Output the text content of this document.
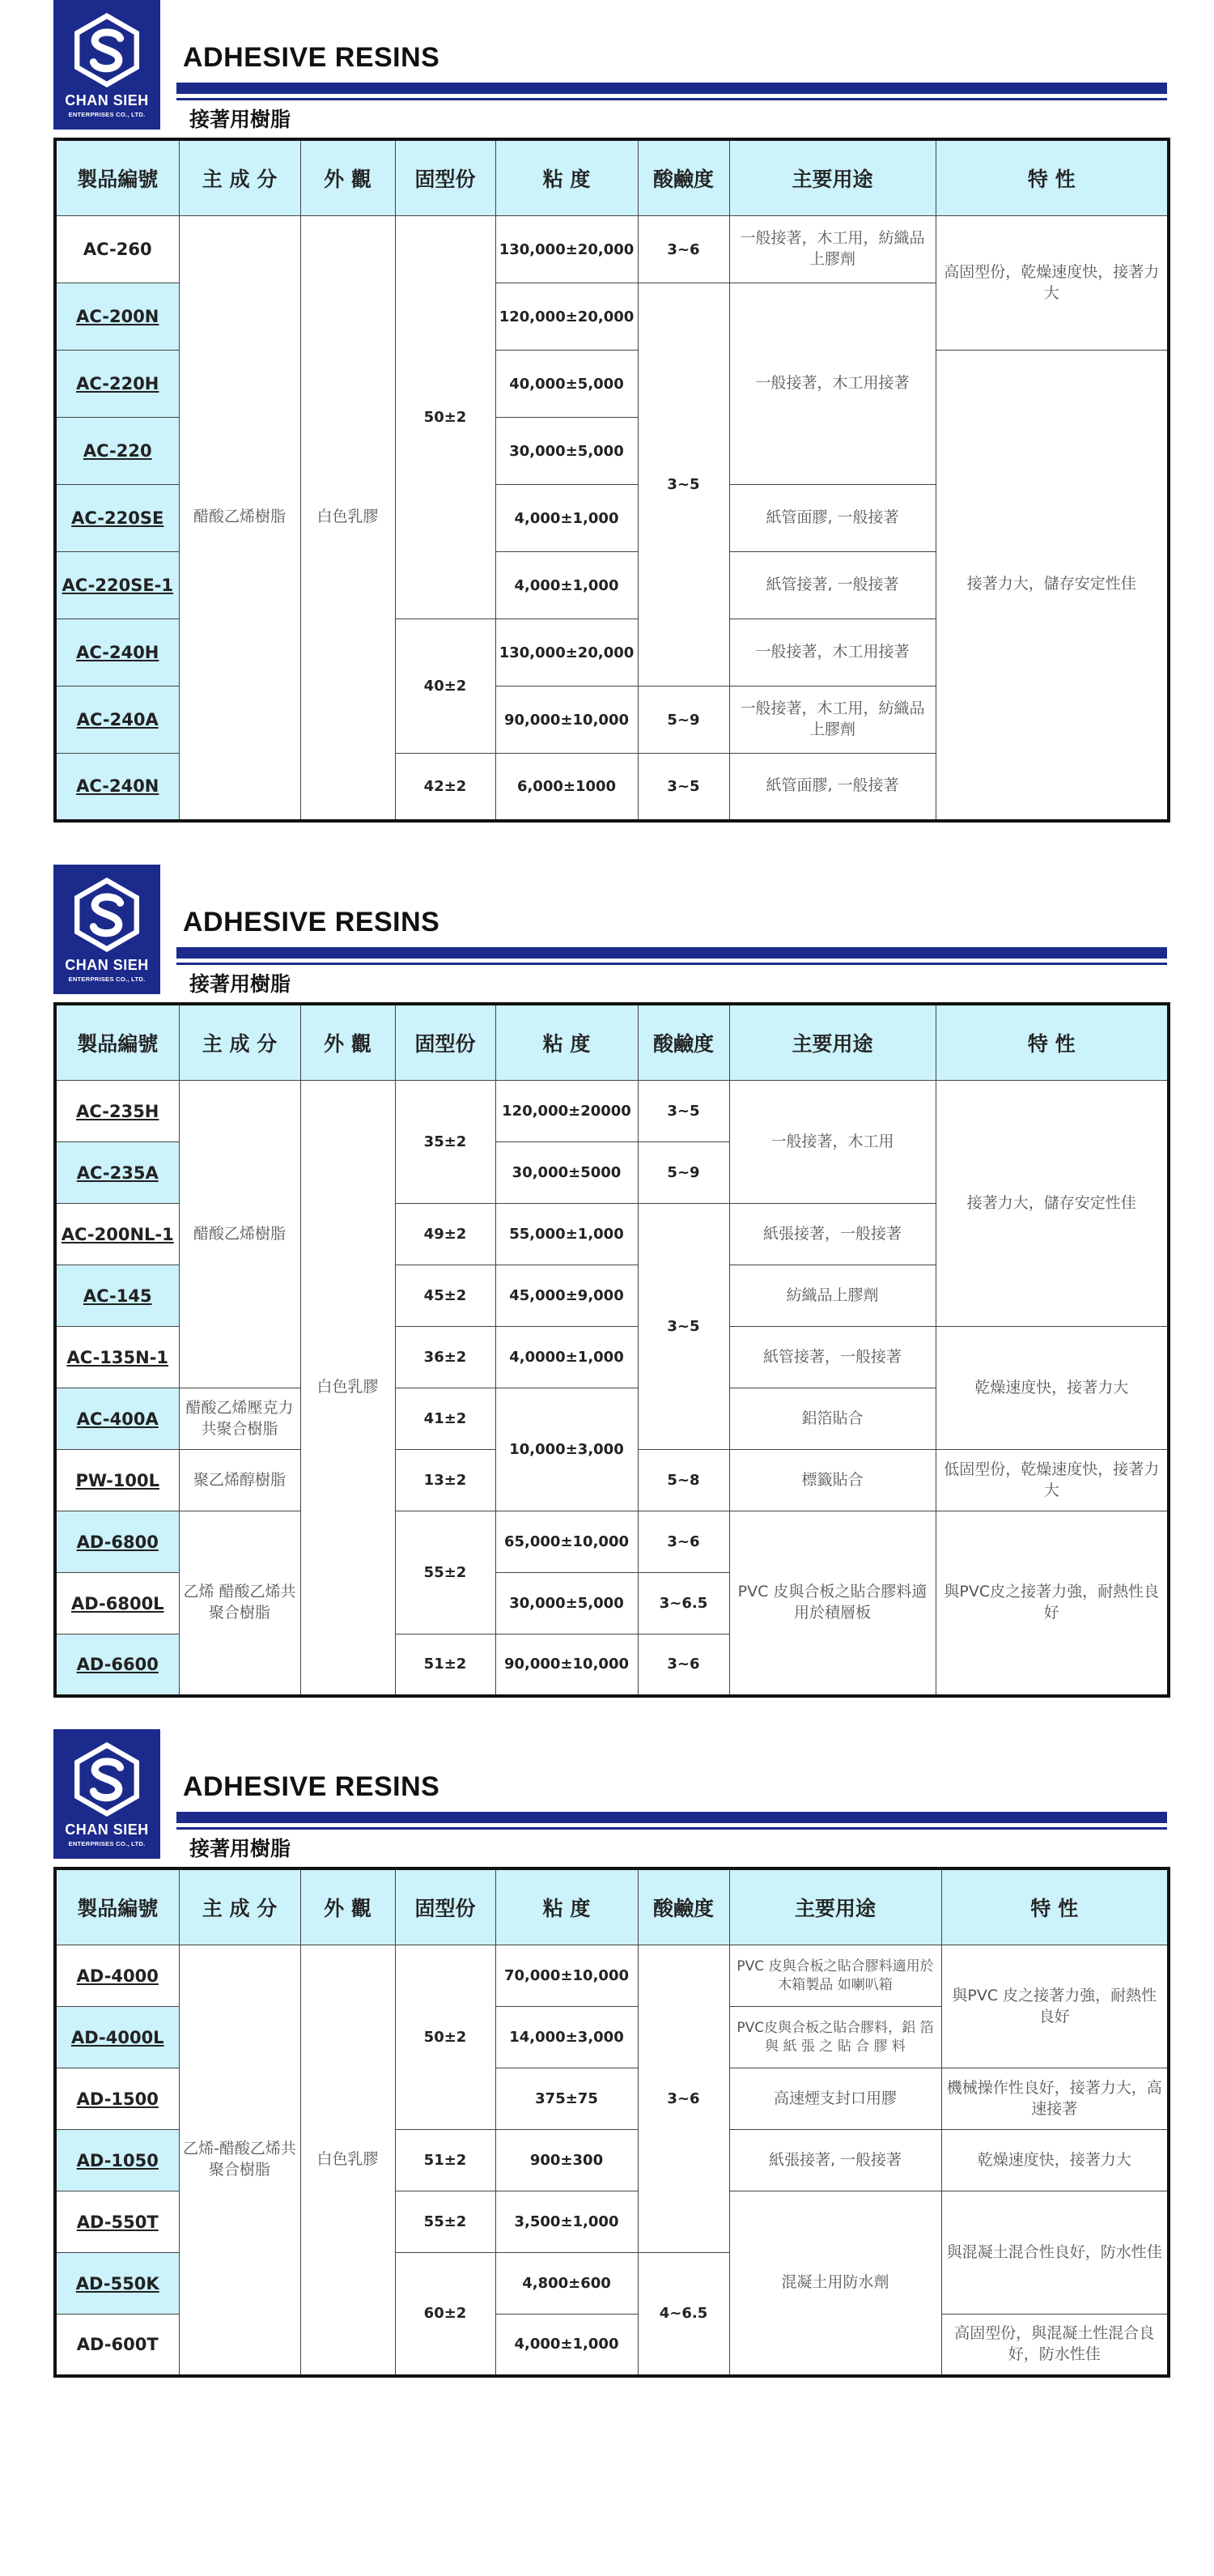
CHAN SIEH
ENTERPRISES CO., LTD.
ADHESIVE RESINS
接著用樹脂
製品編號	主 成 分	外 觀	固型份	粘 度	酸鹼度	主要用途	特 性
AC-260	醋酸乙烯樹脂	白色乳膠	50±2	130,000±20,000	3~6	一般接著，木工用，紡織品上膠劑	高固型份，乾燥速度快，接著力大
AC-200N				120,000±20,000	3~5	一般接著，木工用接著	
AC-220H				40,000±5,000			接著力大，儲存安定性佳
AC-220				30,000±5,000			
AC-220SE				4,000±1,000		紙管面膠, 一般接著	
AC-220SE-1				4,000±1,000		紙管接著, 一般接著	
AC-240H			40±2	130,000±20,000		一般接著，木工用接著	
AC-240A				90,000±10,000	5~9	一般接著，木工用，紡織品上膠劑	
AC-240N			42±2	6,000±1000	3~5	紙管面膠, 一般接著	
CHAN SIEH
ENTERPRISES CO., LTD.
ADHESIVE RESINS
接著用樹脂
製品編號	主 成 分	外 觀	固型份	粘 度	酸鹼度	主要用途	特 性
AC-235H	醋酸乙烯樹脂	白色乳膠	35±2	120,000±20000	3~5	一般接著，木工用	接著力大，儲存安定性佳
AC-235A				30,000±5000	5~9		
AC-200NL-1			49±2	55,000±1,000	3~5	紙張接著，一般接著	
AC-145			45±2	45,000±9,000		紡織品上膠劑	
AC-135N-1			36±2	4,0000±1,000		紙管接著，一般接著	乾燥速度快，接著力大
AC-400A	醋酸乙烯壓克力共聚合樹脂		41±2	10,000±3,000		鋁箔貼合	
PW-100L	聚乙烯醇樹脂		13±2		5~8	標籤貼合	低固型份，乾燥速度快，接著力大
AD-6800	乙烯 醋酸乙烯共聚合樹脂		55±2	65,000±10,000	3~6	PVC 皮與合板之貼合膠料適用於積層板	與PVC皮之接著力強，耐熱性良好
AD-6800L				30,000±5,000	3~6.5		
AD-6600			51±2	90,000±10,000	3~6		
CHAN SIEH
ENTERPRISES CO., LTD.
ADHESIVE RESINS
接著用樹脂
製品編號	主 成 分	外 觀	固型份	粘 度	酸鹼度	主要用途	特 性
AD-4000	乙烯-醋酸乙烯共聚合樹脂	白色乳膠	50±2	70,000±10,000	3~6	PVC 皮與合板之貼合膠料適用於木箱製品 如喇叭箱	與PVC 皮之接著力強，耐熱性良好
AD-4000L				14,000±3,000		PVC皮與合板之貼合膠料，鋁 箔 與 紙 張 之 貼 合 膠 料	
AD-1500				375±75		高速煙支封口用膠	機械操作性良好，接著力大，高速接著
AD-1050			51±2	900±300		紙張接著, 一般接著	乾燥速度快，接著力大
AD-550T			55±2	3,500±1,000		混凝土用防水劑	與混凝土混合性良好，防水性佳
AD-550K			60±2	4,800±600	4~6.5		
AD-600T				4,000±1,000			高固型份，與混凝土性混合良好，防水性佳
